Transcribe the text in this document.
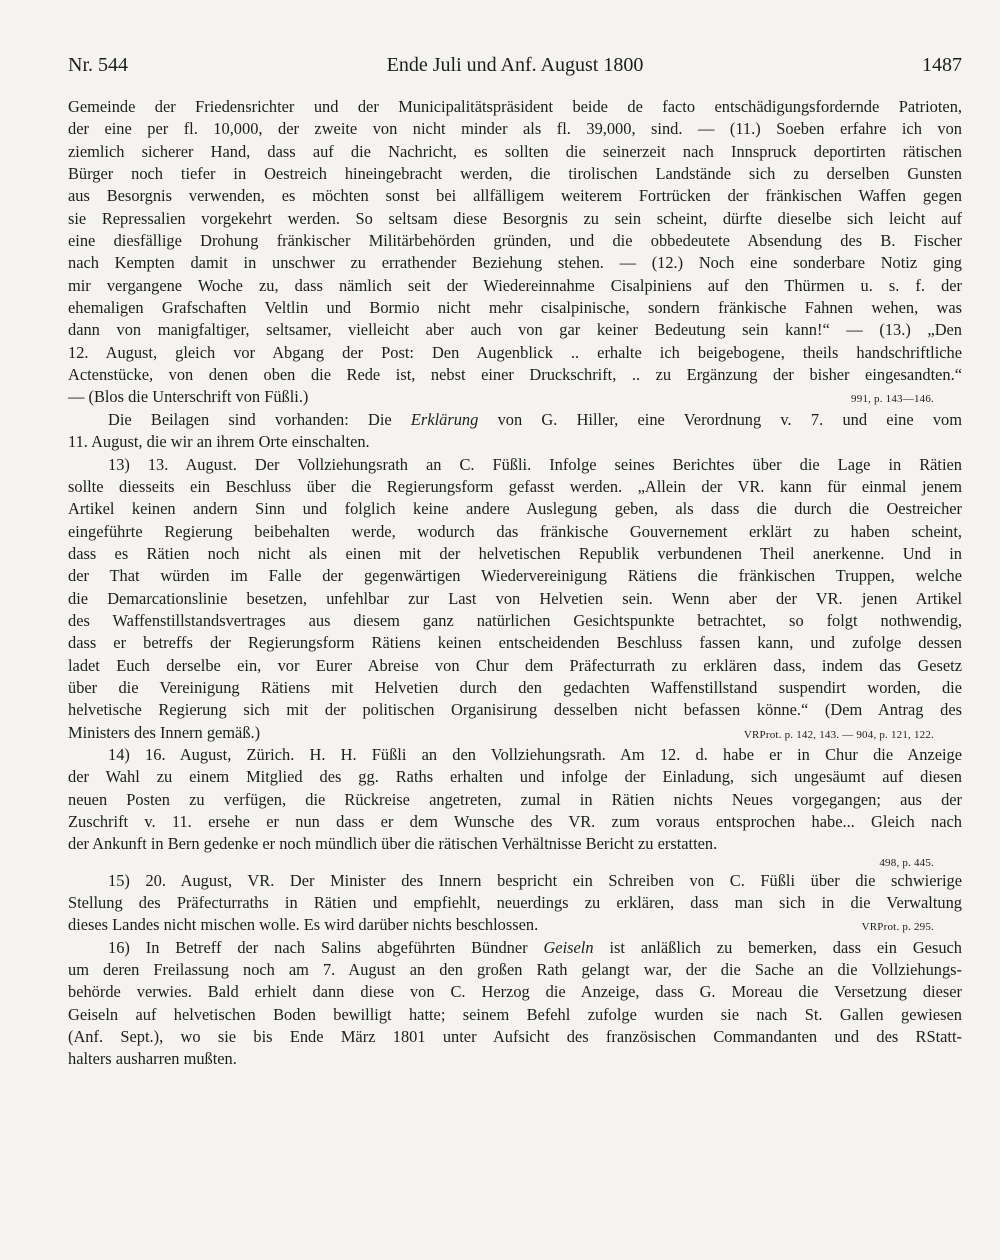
Nr. 544	Ende Juli und Anf. August 1800	1487
Gemeinde der Friedensrichter und der Municipalitätspräsident beide de facto entschädigungsfordernde Patrioten,
der eine per fl. 10,000, der zweite von nicht minder als fl. 39,000, sind. — (11.) Soeben erfahre ich von
ziemlich sicherer Hand, dass auf die Nachricht, es sollten die seinerzeit nach Innspruck deportirten rätischen
Bürger noch tiefer in Oestreich hineingebracht werden, die tirolischen Landstände sich zu derselben Gunsten
aus Besorgnis verwenden, es möchten sonst bei allfälligem weiterem Fortrücken der fränkischen Waffen gegen
sie Repressalien vorgekehrt werden. So seltsam diese Besorgnis zu sein scheint, dürfte dieselbe sich leicht auf
eine diesfällige Drohung fränkischer Militärbehörden gründen, und die obbedeutete Absendung des B. Fischer
nach Kempten damit in unschwer zu errathender Beziehung stehen. — (12.) Noch eine sonderbare Notiz ging
mir vergangene Woche zu, dass nämlich seit der Wiedereinnahme Cisalpiniens auf den Thürmen u. s. f. der
ehemaligen Grafschaften Veltlin und Bormio nicht mehr cisalpinische, sondern fränkische Fahnen wehen, was
dann von manigfaltiger, seltsamer, vielleicht aber auch von gar keiner Bedeutung sein kann!“ — (13.) „Den
12. August, gleich vor Abgang der Post: Den Augenblick .. erhalte ich beigebogene, theils handschriftliche
Actenstücke, von denen oben die Rede ist, nebst einer Druckschrift, .. zu Ergänzung der bisher eingesandten.“
— (Blos die Unterschrift von Füßli.)	991, p. 143—146.
Die Beilagen sind vorhanden: Die Erklärung von G. Hiller, eine Verordnung v. 7. und eine vom
11. August, die wir an ihrem Orte einschalten.
13) 13. August. Der Vollziehungsrath an C. Füßli. Infolge seines Berichtes über die Lage in Rätien
sollte diesseits ein Beschluss über die Regierungsform gefasst werden. „Allein der VR. kann für einmal jenem
Artikel keinen andern Sinn und folglich keine andere Auslegung geben, als dass die durch die Oestreicher
eingeführte Regierung beibehalten werde, wodurch das fränkische Gouvernement erklärt zu haben scheint,
dass es Rätien noch nicht als einen mit der helvetischen Republik verbundenen Theil anerkenne. Und in
der That würden im Falle der gegenwärtigen Wiedervereinigung Rätiens die fränkischen Truppen, welche
die Demarcationslinie besetzen, unfehlbar zur Last von Helvetien sein. Wenn aber der VR. jenen Artikel
des Waffenstillstandsvertrages aus diesem ganz natürlichen Gesichtspunkte betrachtet, so folgt nothwendig,
dass er betreffs der Regierungsform Rätiens keinen entscheidenden Beschluss fassen kann, und zufolge dessen
ladet Euch derselbe ein, vor Eurer Abreise von Chur dem Präfecturrath zu erklären dass, indem das Gesetz
über die Vereinigung Rätiens mit Helvetien durch den gedachten Waffenstillstand suspendirt worden, die
helvetische Regierung sich mit der politischen Organisirung desselben nicht befassen könne.“ (Dem Antrag des
Ministers des Innern gemäß.)	VRProt. p. 142, 143. — 904, p. 121, 122.
14) 16. August, Zürich. H. H. Füßli an den Vollziehungsrath. Am 12. d. habe er in Chur die Anzeige
der Wahl zu einem Mitglied des gg. Raths erhalten und infolge der Einladung, sich ungesäumt auf diesen
neuen Posten zu verfügen, die Rückreise angetreten, zumal in Rätien nichts Neues vorgegangen; aus der
Zuschrift v. 11. ersehe er nun dass er dem Wunsche des VR. zum voraus entsprochen habe... Gleich nach
der Ankunft in Bern gedenke er noch mündlich über die rätischen Verhältnisse Bericht zu erstatten.
498, p. 445.
15) 20. August, VR. Der Minister des Innern bespricht ein Schreiben von C. Füßli über die schwierige
Stellung des Präfecturraths in Rätien und empfiehlt, neuerdings zu erklären, dass man sich in die Verwaltung
dieses Landes nicht mischen wolle. Es wird darüber nichts beschlossen.	VRProt. p. 295.
16) In Betreff der nach Salins abgeführten Bündner Geiseln ist anläßlich zu bemerken, dass ein Gesuch
um deren Freilassung noch am 7. August an den großen Rath gelangt war, der die Sache an die Vollziehungs-
behörde verwies. Bald erhielt dann diese von C. Herzog die Anzeige, dass G. Moreau die Versetzung dieser
Geiseln auf helvetischen Boden bewilligt hatte; seinem Befehl zufolge wurden sie nach St. Gallen gewiesen
(Anf. Sept.), wo sie bis Ende März 1801 unter Aufsicht des französischen Commandanten und des RStatt-
halters ausharren mußten.
